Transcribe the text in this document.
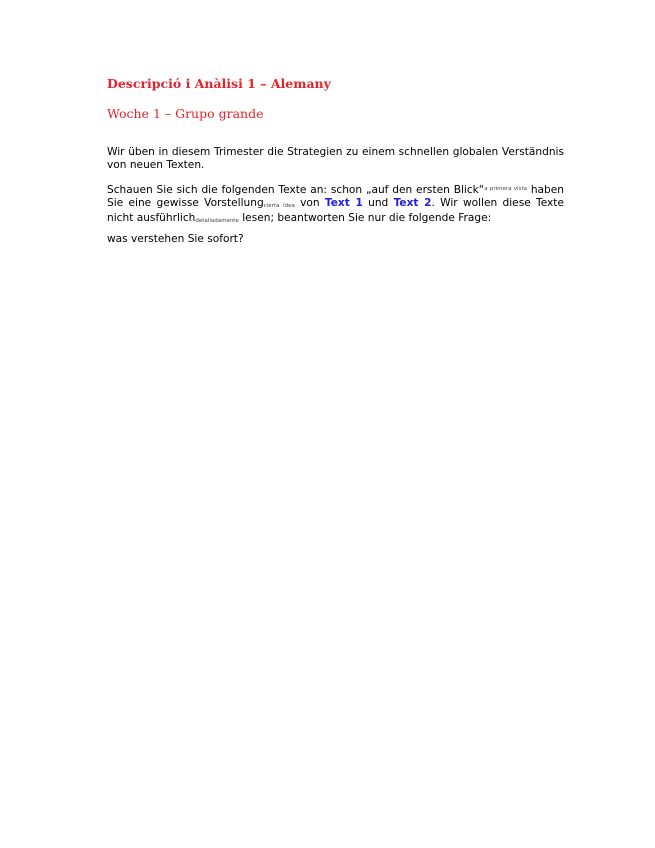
Descripció i Anàlisi 1 – Alemany
Woche 1 – Grupo grande
Wir üben in diesem Trimester die Strategien zu einem schnellen globalen Verständnis von neuen Texten.
Schauen Sie sich die folgenden Texte an: schon „auf den ersten Blick“$^{a primera vista}$ haben Sie eine gewisse Vorstellungcierta idea von Text 1 und Text 2. Wir wollen diese Texte nicht ausführlichdetalladamente lesen; beantworten Sie nur die folgende Frage:
was verstehen Sie sofort?
